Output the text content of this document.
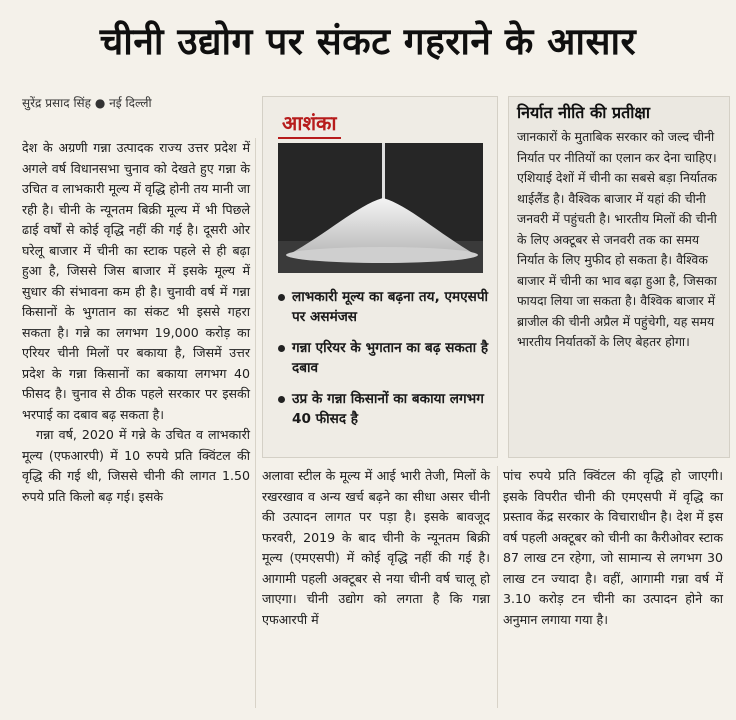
चीनी उद्योग पर संकट गहराने के आसार
सुरेंद्र प्रसाद सिंह ● नई दिल्ली

देश के अग्रणी गन्ना उत्पादक राज्य उत्तर प्रदेश में अगले वर्ष विधानसभा चुनाव को देखते हुए गन्ना के उचित व लाभकारी मूल्य में वृद्धि होनी तय मानी जा रही है। चीनी के न्यूनतम बिक्री मूल्य में भी पिछले ढाई वर्षों से कोई वृद्धि नहीं की गई है। दूसरी ओर घरेलू बाजार में चीनी का स्टाक पहले से ही बढ़ा हुआ है, जिससे जिस बाजार में इसके मूल्य में सुधार की संभावना कम ही है। चुनावी वर्ष में गन्ना किसानों के भुगतान का संकट भी इससे गहरा सकता है। गन्ने का लगभग 19,000 करोड़ का एरियर चीनी मिलों पर बकाया है, जिसमें उत्तर प्रदेश के गन्ना किसानों का बकाया लगभग 40 फीसद है। चुनाव से ठीक पहले सरकार पर इसकी भरपाई का दबाव बढ़ सकता है।

गन्ना वर्ष, 2020 में गन्ने के उचित व लाभकारी मूल्य (एफआरपी) में 10 रुपये प्रति क्विंटल की वृद्धि की गई थी, जिससे चीनी की लागत 1.50 रुपये प्रति किलो बढ़ गई। इसके

आशंका
लाभकारी मूल्य का बढ़ना तय, एमएसपी पर असमंजस
गन्ना एरियर के भुगतान का बढ़ सकता है दबाव
उप्र के गन्ना किसानों का बकाया लगभग 40 फीसद है
निर्यात नीति की प्रतीक्षा
जानकारों के मुताबिक सरकार को जल्द चीनी निर्यात पर नीतियों का एलान कर देना चाहिए। एशियाई देशों में चीनी का सबसे बड़ा निर्यातक थाईलैंड है। वैश्विक बाजार में यहां की चीनी जनवरी में पहुंचती है। भारतीय मिलों की चीनी के लिए अक्टूबर से जनवरी तक का समय निर्यात के लिए मुफीद हो सकता है। वैश्विक बाजार में चीनी का भाव बढ़ा हुआ है, जिसका फायदा लिया जा सकता है। वैश्विक बाजार में ब्राजील की चीनी अप्रैल में पहुंचेगी, यह समय भारतीय निर्यातकों के लिए बेहतर होगा।

अलावा स्टील के मूल्य में आई भारी तेजी, मिलों के रखरखाव व अन्य खर्च बढ़ने का सीधा असर चीनी की उत्पादन लागत पर पड़ा है। इसके बावजूद फरवरी, 2019 के बाद चीनी के न्यूनतम बिक्री मूल्य (एमएसपी) में कोई वृद्धि नहीं की गई है। आगामी पहली अक्टूबर से नया चीनी वर्ष चालू हो जाएगा। चीनी उद्योग को लगता है कि गन्ना एफआरपी में

पांच रुपये प्रति क्विंटल की वृद्धि हो जाएगी। इसके विपरीत चीनी की एमएसपी में वृद्धि का प्रस्ताव केंद्र सरकार के विचाराधीन है। देश में इस वर्ष पहली अक्टूबर को चीनी का कैरीओवर स्टाक 87 लाख टन रहेगा, जो सामान्य से लगभग 30 लाख टन ज्यादा है। वहीं, आगामी गन्ना वर्ष में 3.10 करोड़ टन चीनी का उत्पादन होने का अनुमान लगाया गया है।
